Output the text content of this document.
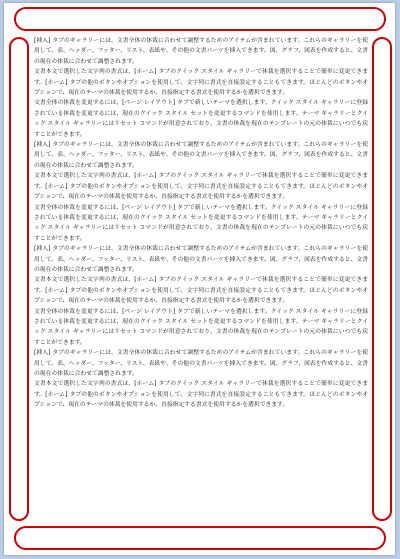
[挿入] タブのギャラリーには、文書全体の体裁に合わせて調整するためのアイテムが含まれています。これらのギャラリーを使用して、表、ヘッダー、フッター、リスト、表紙や、その他の文書パーツを挿入できます。図、グラフ、図表を作成すると、文書の現在の体裁に合わせて調整されます。

文書本文で選択した文字列の書式は、[ホーム] タブのクイック スタイル ギャラリーで体裁を選択することで簡単に変更できます。[ホーム] タブの他のボタンやオプションを使用して、文字列に書式を直接設定することもできます。ほとんどのボタンやオプションで、現在のテーマの体裁を使用するか、直接指定する書式を使用するかを選択できます。

文書全体の体裁を変更するには、[ページ レイアウト] タブで新しいテーマを選択します。クイック スタイル ギャラリーに登録されている体裁を変更するには、現在のクイック スタイル セットを変更するコマンドを使用します。テーマ ギャラリーとクイック スタイル ギャラリーにはリセット コマンドが用意されており、文書の体裁を現在のテンプレートの元の体裁にいつでも戻すことができます。

[挿入] タブのギャラリーには、文書全体の体裁に合わせて調整するためのアイテムが含まれています。これらのギャラリーを使用して、表、ヘッダー、フッター、リスト、表紙や、その他の文書パーツを挿入できます。図、グラフ、図表を作成すると、文書の現在の体裁に合わせて調整されます。

文書本文で選択した文字列の書式は、[ホーム] タブのクイック スタイル ギャラリーで体裁を選択することで簡単に変更できます。[ホーム] タブの他のボタンやオプションを使用して、文字列に書式を直接設定することもできます。ほとんどのボタンやオプションで、現在のテーマの体裁を使用するか、直接指定する書式を使用するかを選択できます。

文書全体の体裁を変更するには、[ページ レイアウト] タブで新しいテーマを選択します。クイック スタイル ギャラリーに登録されている体裁を変更するには、現在のクイック スタイル セットを変更するコマンドを使用します。テーマ ギャラリーとクイック スタイル ギャラリーにはリセット コマンドが用意されており、文書の体裁を現在のテンプレートの元の体裁にいつでも戻すことができます。

[挿入] タブのギャラリーには、文書全体の体裁に合わせて調整するためのアイテムが含まれています。これらのギャラリーを使用して、表、ヘッダー、フッター、リスト、表紙や、その他の文書パーツを挿入できます。図、グラフ、図表を作成すると、文書の現在の体裁に合わせて調整されます。

文書本文で選択した文字列の書式は、[ホーム] タブのクイック スタイル ギャラリーで体裁を選択することで簡単に変更できます。[ホーム] タブの他のボタンやオプションを使用して、文字列に書式を直接設定することもできます。ほとんどのボタンやオプションで、現在のテーマの体裁を使用するか、直接指定する書式を使用するかを選択できます。

文書全体の体裁を変更するには、[ページ レイアウト] タブで新しいテーマを選択します。クイック スタイル ギャラリーに登録されている体裁を変更するには、現在のクイック スタイル セットを変更するコマンドを使用します。テーマ ギャラリーとクイック スタイル ギャラリーにはリセット コマンドが用意されており、文書の体裁を現在のテンプレートの元の体裁にいつでも戻すことができます。

[挿入] タブのギャラリーには、文書全体の体裁に合わせて調整するためのアイテムが含まれています。これらのギャラリーを使用して、表、ヘッダー、フッター、リスト、表紙や、その他の文書パーツを挿入できます。図、グラフ、図表を作成すると、文書の現在の体裁に合わせて調整されます。

文書本文で選択した文字列の書式は、[ホーム] タブのクイック スタイル ギャラリーで体裁を選択することで簡単に変更できます。[ホーム] タブの他のボタンやオプションを使用して、文字列に書式を直接設定することもできます。ほとんどのボタンやオプションで、現在のテーマの体裁を使用するか、直接指定する書式を使用するかを選択できます。
